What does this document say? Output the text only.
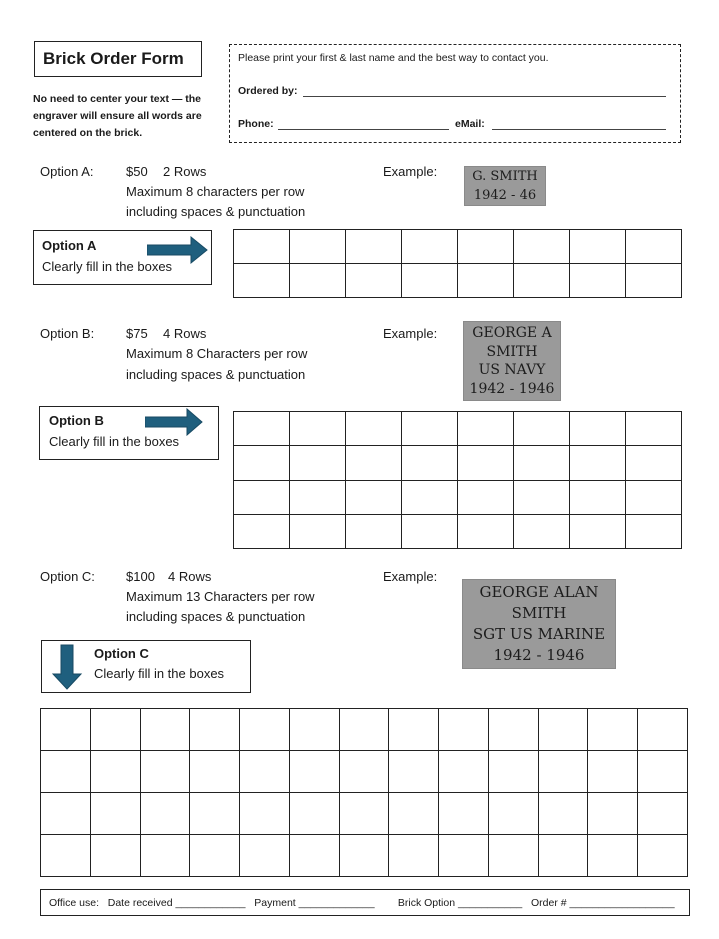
Brick Order Form
No need to center your text — the engraver will ensure all words are centered on the brick.
Please print your first & last name and the best way to contact you.
Ordered by:
Phone:	eMail:
Option A:	$50 2 Rows
Maximum 8 characters per row
including spaces & punctuation
Example:	G. SMITH
1942 - 46
Option A
Clearly fill in the boxes

Option B: $75 4 Rows
Maximum 8 Characters per row
including spaces & punctuation
Example:	GEORGE A
SMITH
US NAVY
1942 - 1946
Option B
Clearly fill in the boxes

Option C: $100 4 Rows
Maximum 13 Characters per row
including spaces & punctuation
Example:
GEORGE ALAN
SMITH
SGT US MARINE
1942 - 1946
Option C
Clearly fill in the boxes

Office use:   Date received ____________   Payment _____________        Brick Option ___________   Order # __________________
